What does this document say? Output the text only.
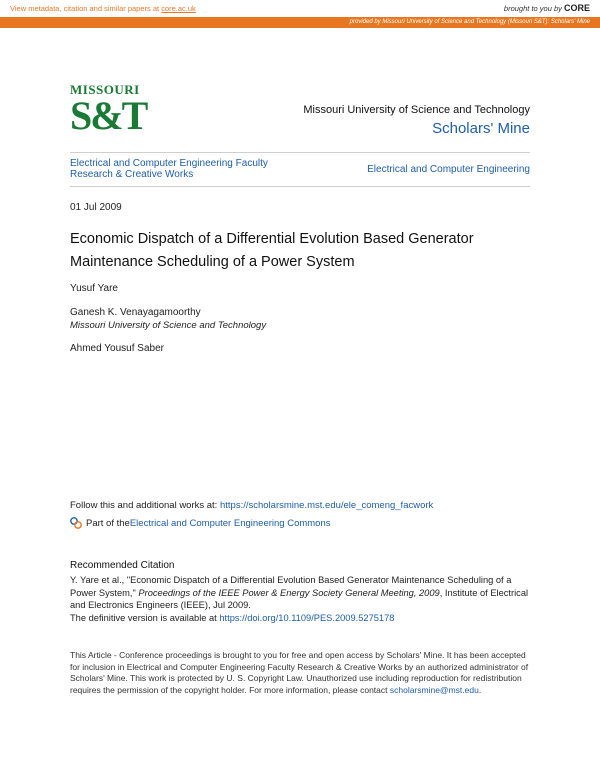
View metadata, citation and similar papers at core.ac.uk	brought to you by CORE
provided by Missouri University of Science and Technology (Missouri S&T): Scholars' Mine
MISSOURI
S&T	Missouri University of Science and Technology
Scholars' Mine
Electrical and Computer Engineering Faculty Research & Creative Works	Electrical and Computer Engineering
01 Jul 2009
Economic Dispatch of a Differential Evolution Based Generator Maintenance Scheduling of a Power System
Yusuf Yare
Ganesh K. Venayagamoorthy
Missouri University of Science and Technology
Ahmed Yousuf Saber
Follow this and additional works at: https://scholarsmine.mst.edu/ele_comeng_facwork
Part of the Electrical and Computer Engineering Commons
Recommended Citation
Y. Yare et al., "Economic Dispatch of a Differential Evolution Based Generator Maintenance Scheduling of a Power System," Proceedings of the IEEE Power & Energy Society General Meeting, 2009, Institute of Electrical and Electronics Engineers (IEEE), Jul 2009.
The definitive version is available at https://doi.org/10.1109/PES.2009.5275178
This Article - Conference proceedings is brought to you for free and open access by Scholars' Mine. It has been accepted for inclusion in Electrical and Computer Engineering Faculty Research & Creative Works by an authorized administrator of Scholars' Mine. This work is protected by U. S. Copyright Law. Unauthorized use including reproduction for redistribution requires the permission of the copyright holder. For more information, please contact scholarsmine@mst.edu.
